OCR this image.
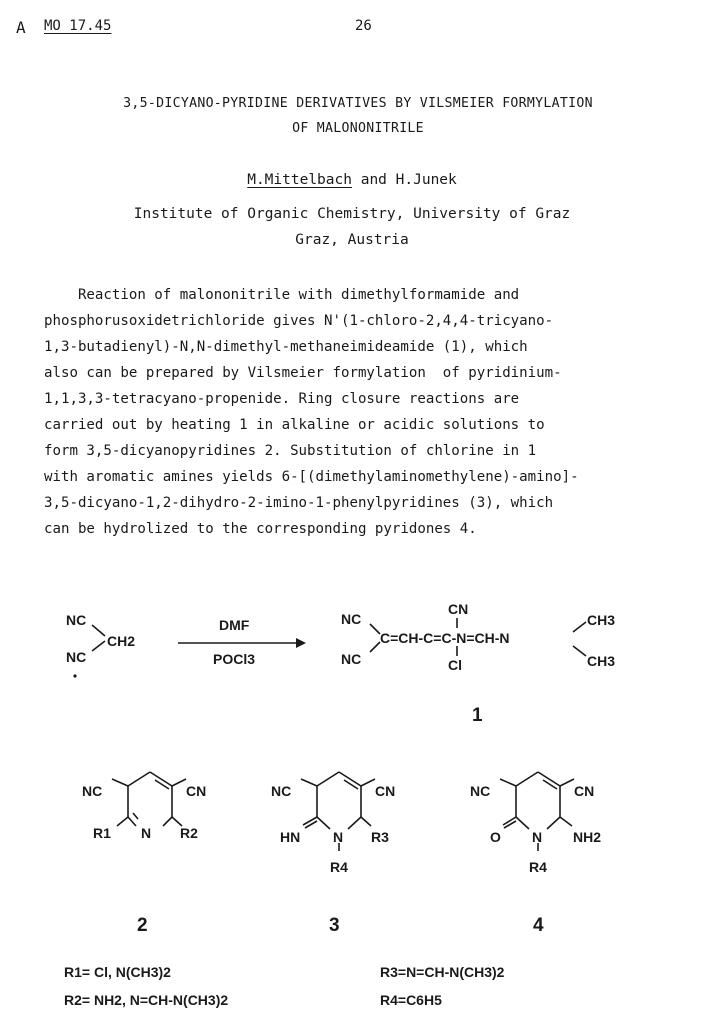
A MO 17.45	26
3,5-DICYANO-PYRIDINE DERIVATIVES BY VILSMEIER FORMYLATION
OF MALONONITRILE
M.Mittelbach and H.Junek
Institute of Organic Chemistry, University of Graz
Graz, Austria
Reaction of malononitrile with dimethylformamide and
phosphorusoxidetrichloride gives N'(1-chloro-2,4,4-tricyano-
1,3-butadienyl)-N,N-dimethyl-methaneimideamide (1), which
also can be prepared by Vilsmeier formylation  of pyridinium-
1,1,3,3-tetracyano-propenide. Ring closure reactions are
carried out by heating 1 in alkaline or acidic solutions to
form 3,5-dicyanopyridines 2. Substitution of chlorine in 1
with aromatic amines yields 6-[(dimethylaminomethylene)-amino]-
3,5-dicyano-1,2-dihydro-2-imino-1-phenylpyridines (3), which
can be hydrolized to the corresponding pyridones 4.
NC
CH2
NC
DMF
POCl3
NC
NC
CN
C=CH-C=C-N=CH-N
Cl
CH3
CH3
1
NC	CN
R1 N R2
NC	CN
HN N R3
R4
NC	CN
O N NH2
R4
2	3	4
R1= Cl, N(CH3)2
R2= NH2, N=CH-N(CH3)2
R3=N=CH-N(CH3)2
R4=C6H5
